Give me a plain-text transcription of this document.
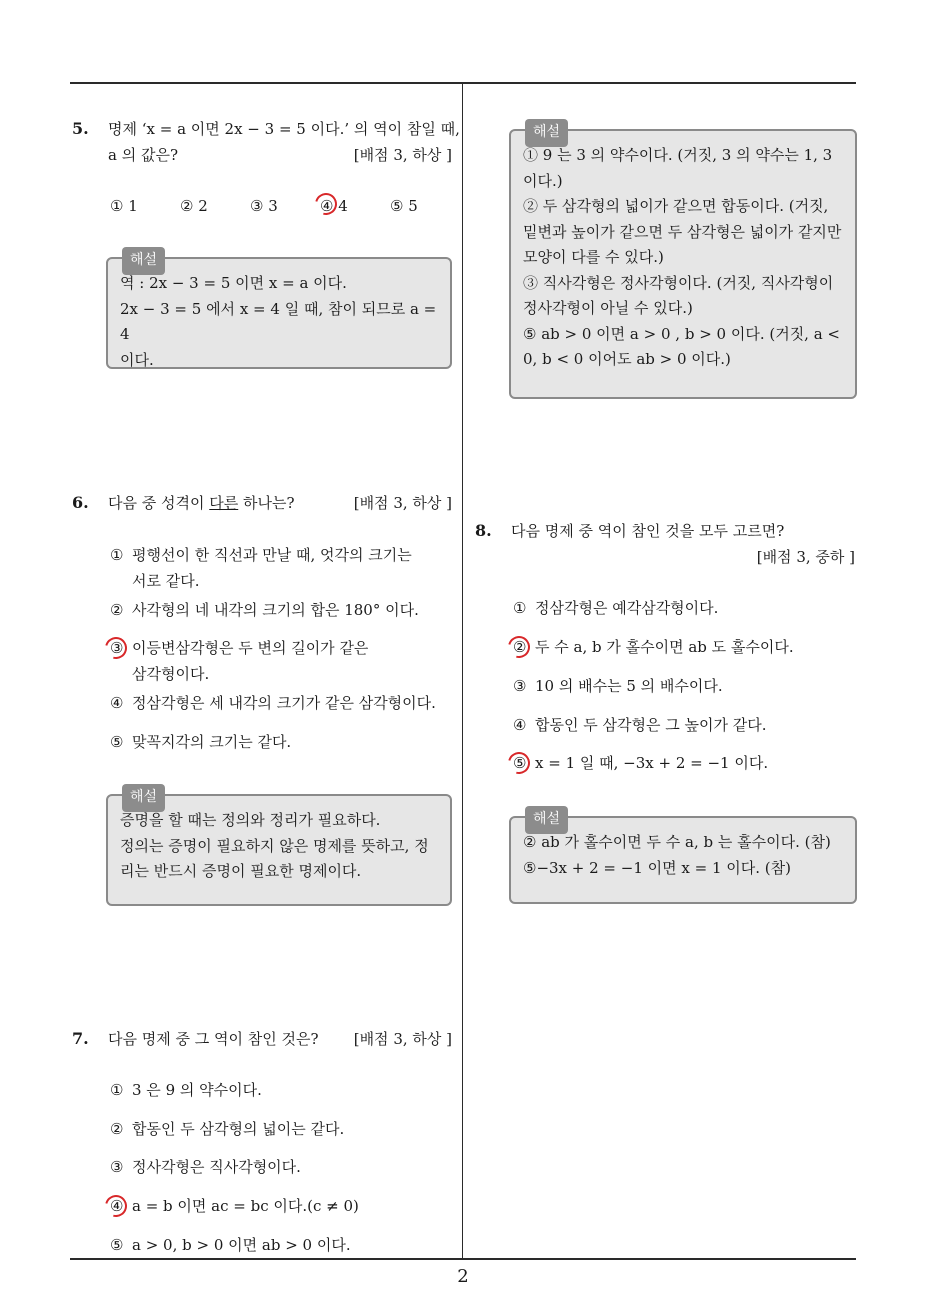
5. 명제 ‘x = a 이면 2x − 3 = 5 이다.’ 의 역이 참일 때,
a 의 값은?	[배점 3, 하상 ]
① 1	② 2	③ 3	④ 4	⑤ 5
해설

역 : 2x − 3 = 5 이면 x = a 이다.

2x − 3 = 5 에서 x = 4 일 때, 참이 되므로 a = 4

이다.

6. 다음 중 성격이 다른 하나는?	[배점 3, 하상 ]
① 평행선이 한 직선과 만날 때, 엇각의 크기는
서로 같다.
② 사각형의 네 내각의 크기의 합은 180° 이다.
③ 이등변삼각형은 두 변의 길이가 같은
삼각형이다.
④ 정삼각형은 세 내각의 크기가 같은 삼각형이다.
⑤ 맞꼭지각의 크기는 같다.
해설

증명을 할 때는 정의와 정리가 필요하다.

정의는 증명이 필요하지 않은 명제를 뜻하고, 정

리는 반드시 증명이 필요한 명제이다.

7. 다음 명제 중 그 역이 참인 것은? [배점 3, 하상 ]
① 3 은 9 의 약수이다.
② 합동인 두 삼각형의 넓이는 같다.
③ 정사각형은 직사각형이다.
④ a = b 이면 ac = bc 이다.(c ≠ 0)
⑤ a > 0, b > 0 이면 ab > 0 이다.
해설

① 9 는 3 의 약수이다. (거짓, 3 의 약수는 1, 3

이다.)

② 두 삼각형의 넓이가 같으면 합동이다. (거짓,

밑변과 높이가 같으면 두 삼각형은 넓이가 같지만

모양이 다를 수 있다.)

③ 직사각형은 정사각형이다. (거짓, 직사각형이

정사각형이 아닐 수 있다.)

⑤ ab > 0 이면 a > 0 , b > 0 이다. (거짓, a <

0, b < 0 이어도 ab > 0 이다.)

8. 다음 명제 중 역이 참인 것을 모두 고르면?
[배점 3, 중하 ]
① 정삼각형은 예각삼각형이다.
② 두 수 a, b 가 홀수이면 ab 도 홀수이다.
③ 10 의 배수는 5 의 배수이다.
④ 합동인 두 삼각형은 그 높이가 같다.
⑤ x = 1 일 때, −3x + 2 = −1 이다.
해설

② ab 가 홀수이면 두 수 a, b 는 홀수이다. (참)

⑤−3x + 2 = −1 이면 x = 1 이다. (참)

2
